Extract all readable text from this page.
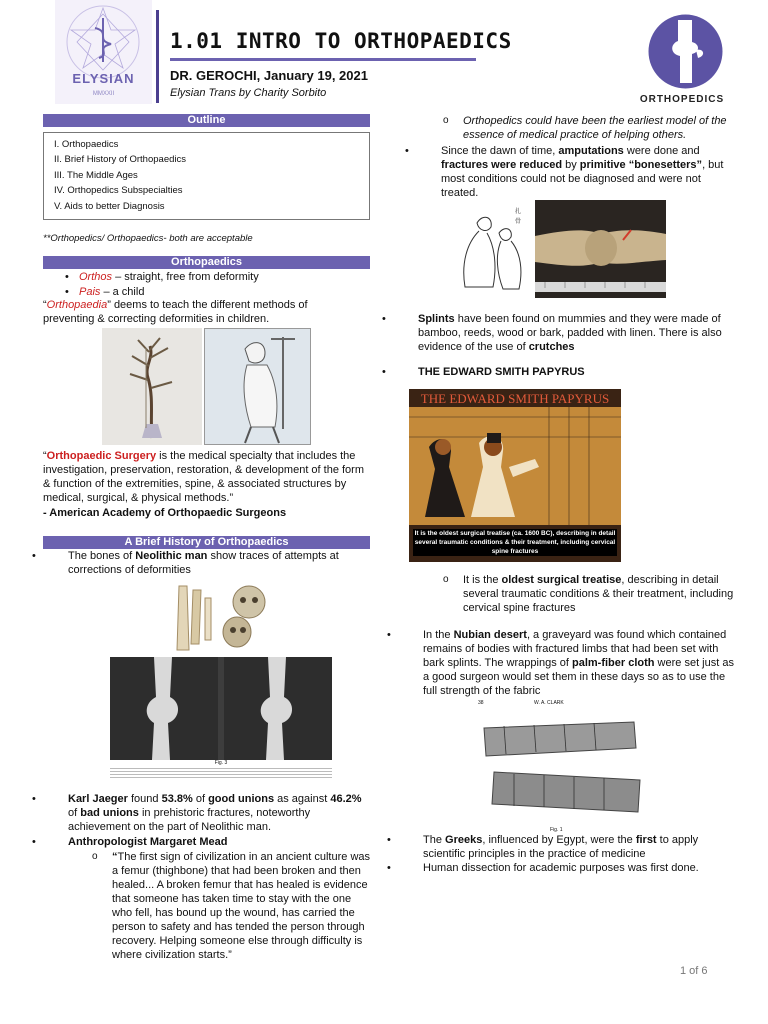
ELYSIAN
MMXXII
1.01 INTRO TO ORTHOPAEDICS
DR. GEROCHI, January 19, 2021
Elysian Trans by Charity Sorbito
ORTHOPEDICS
Outline
I. Orthopaedics
II. Brief History of Orthopaedics
III. The Middle Ages
IV. Orthopedics Subspecialties
V. Aids to better Diagnosis
**Orthopedics/ Orthopaedics- both are acceptable
Orthopaedics
Orthos – straight, free from deformity
Pais – a child
“Orthopaedia” deems to teach the different methods of preventing & correcting deformities in children.
“Orthopaedic Surgery is the medical specialty that includes the investigation, preservation, restoration, & development of the form & function of the extremities, spine, & associated structures by medical, surgical, & physical methods.”
- American Academy of Orthopaedic Surgeons
A Brief History of Orthopaedics
The bones of Neolithic man show traces of attempts at corrections of deformities
Fig. 3
Karl Jaeger found 53.8% of good unions as against 46.2% of bad unions in prehistoric fractures, noteworthy achievement on the part of Neolithic man.
Anthropologist Margaret Mead
“The first sign of civilization in an ancient culture was a femur (thighbone) that had been broken and then healed... A broken femur that has healed is evidence that someone has taken time to stay with the one who fell, has bound up the wound, has carried the person to safety and has tended the person through recovery. Helping someone else through difficulty is where civilization starts.”
Orthopedics could have been the earliest model of the essence of medical practice of helping others.
Since the dawn of time, amputations were done and fractures were reduced by primitive “bonesetters”, but most conditions could not be diagnosed and were not treated.
扎
骨
Splints have been found on mummies and they were made of bamboo, reeds, wood or bark, padded with linen. There is also evidence of the use of crutches
THE EDWARD SMITH PAPYRUS
THE EDWARD SMITH PAPYRUS
It is the oldest surgical treatise (ca. 1600 BC), describing in detail several traumatic conditions & their treatment, including cervical spine fractures
It is the oldest surgical treatise, describing in detail several traumatic conditions & their treatment, including cervical spine fractures
In the Nubian desert, a graveyard was found which contained remains of bodies with fractured limbs that had been set with bark splints. The wrappings of palm-fiber cloth were set just as a good surgeon would set them in these days so as to use the full strength of the fabric
38	W. A. CLARK
Fig. 1
The Greeks, influenced by Egypt, were the first to apply scientific principles in the practice of medicine
Human dissection for academic purposes was first done.
1 of 6
